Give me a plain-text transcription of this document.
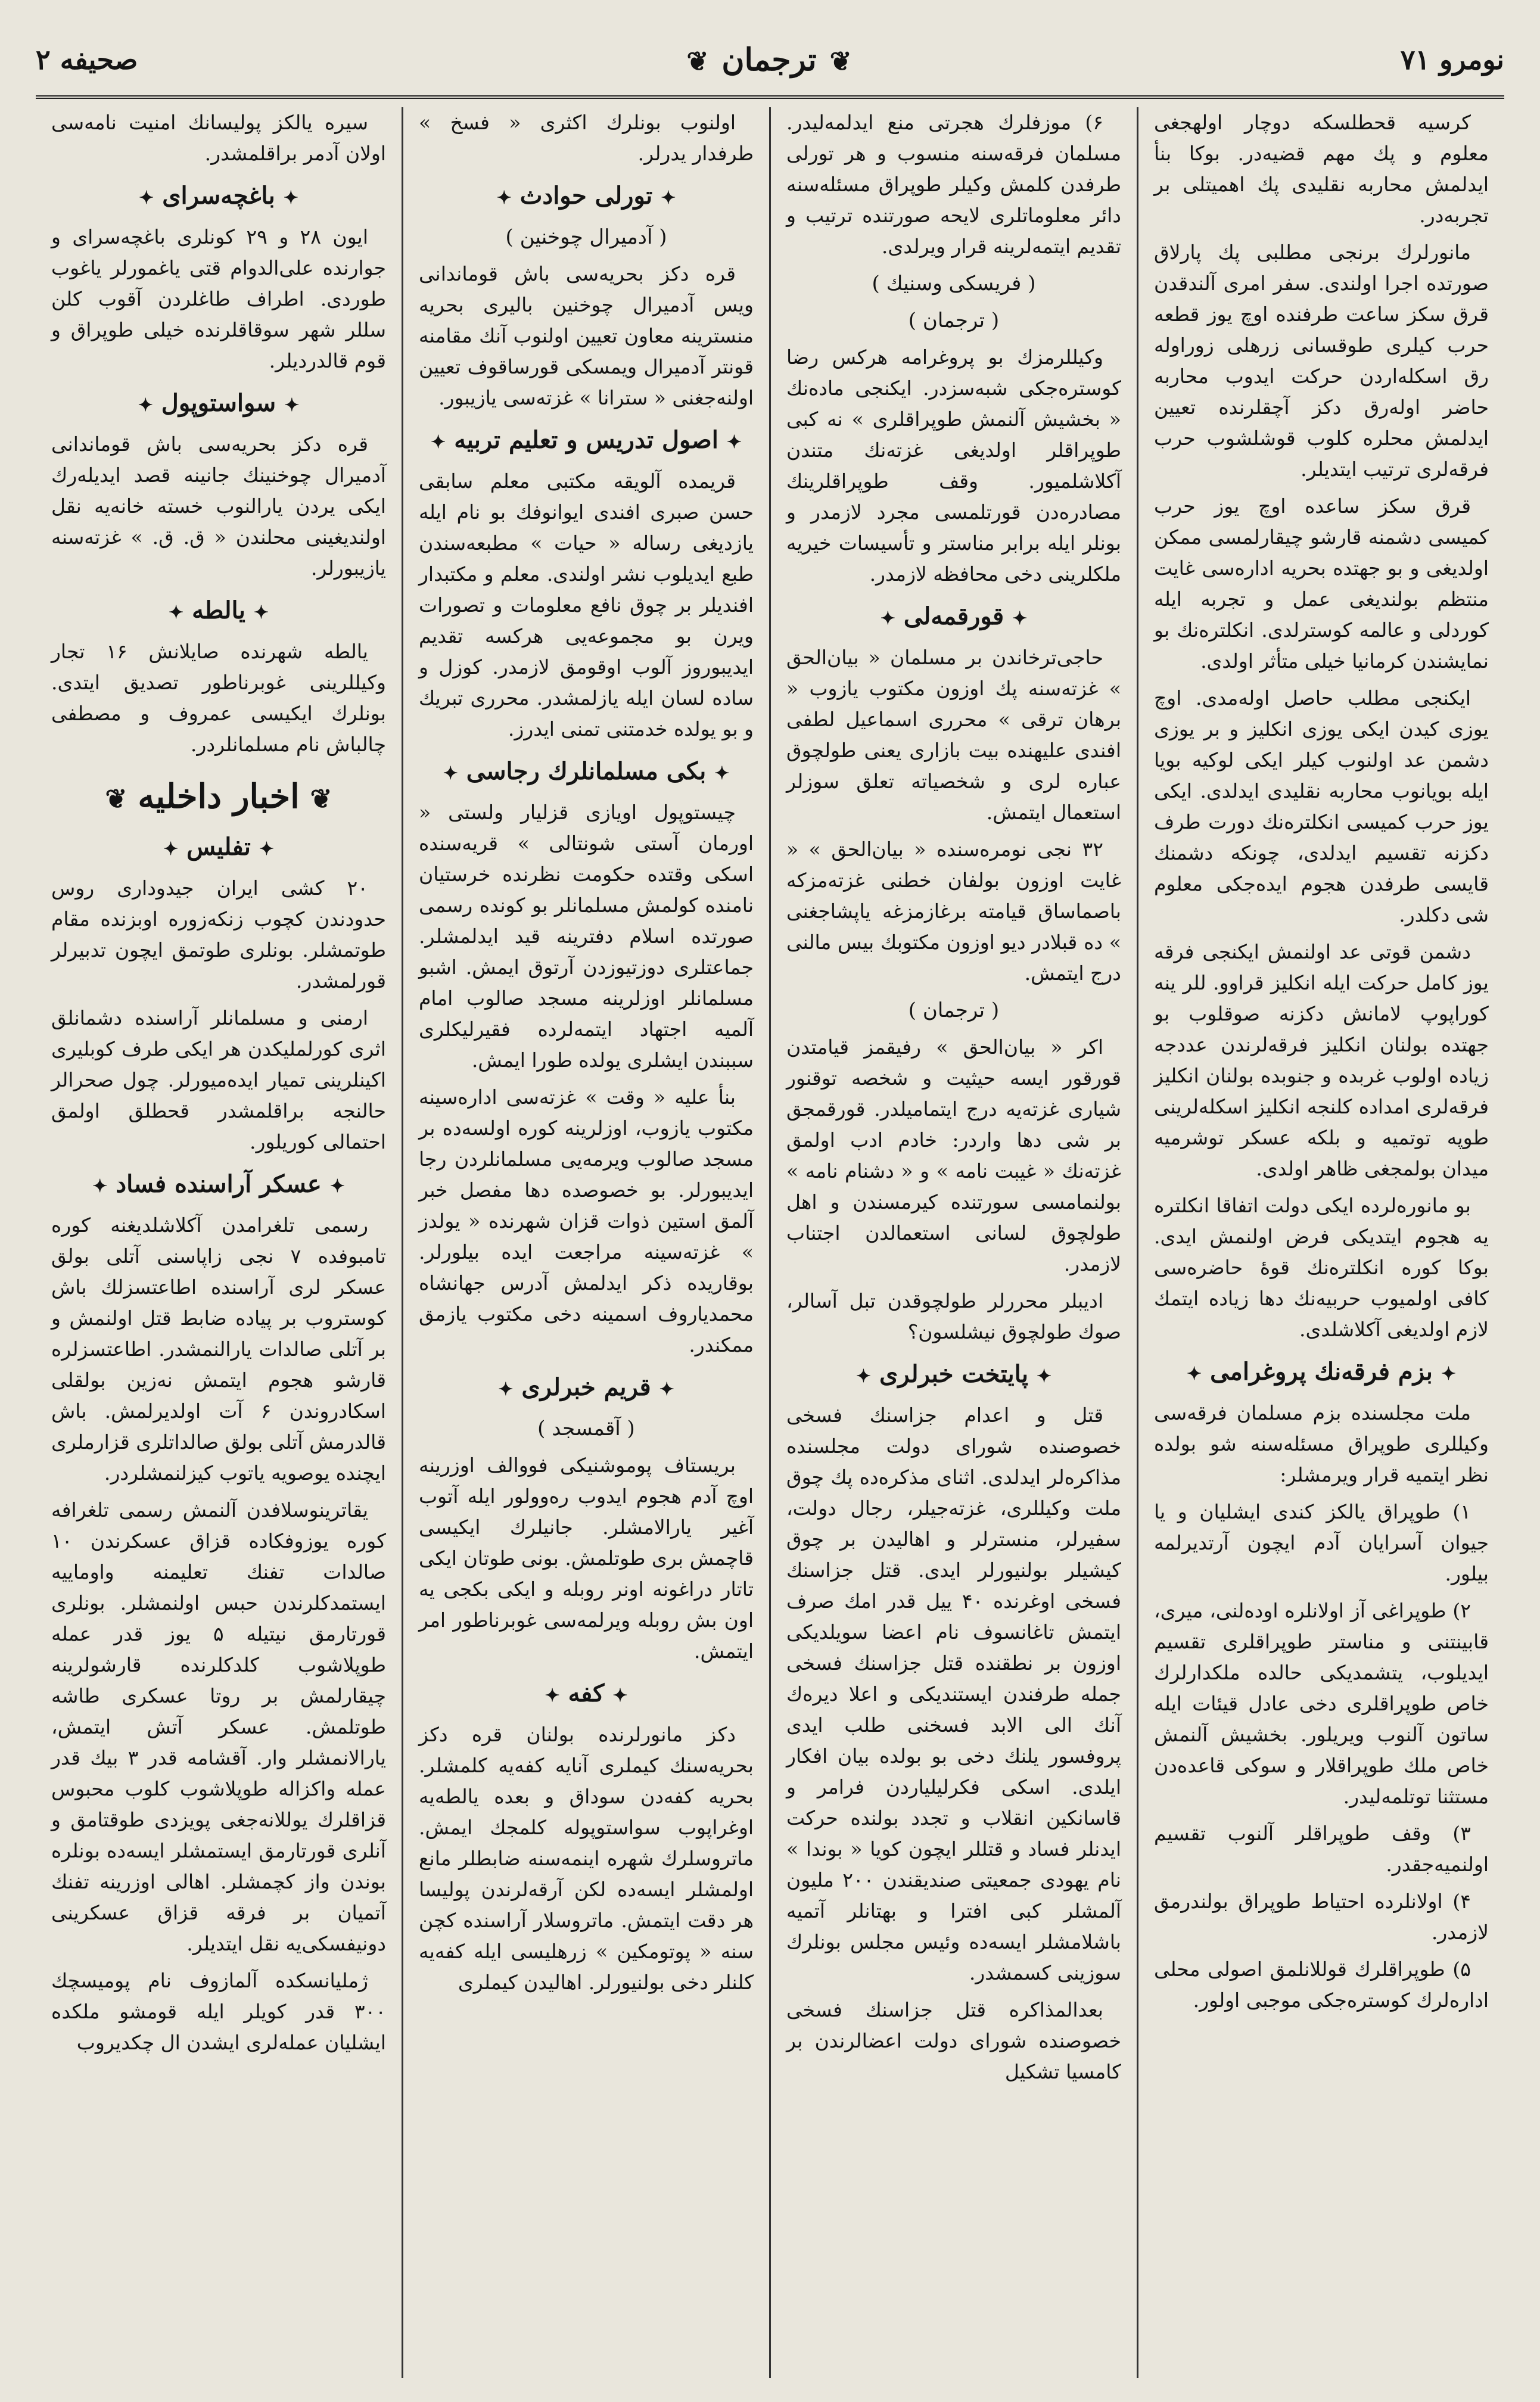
نومرو ۷۱
❦ ترجمان ❦
صحیفه ۲

کرسیه قحطلسکه دوچار اولهجغی معلوم و پك مهم قضیه‌در. بوکا بنأ ایدلمش محاربه نقلیدی پك اهمیتلی بر تجربه‌در.

مانورلرك برنجی مطلبی پك پارلاق صورتده اجرا اولندی. سفر امری آلندقدن قرق سکز ساعت طرفنده اوچ یوز قطعه حرب کیلری طوقسانی زرهلی زوراوله رق اسکله‌اردن حرکت ایدوب محاربه حاضر اولەرق دکز آچقلرنده تعیین ایدلمش محلره کلوب قوشلشوب حرب فرقه‌لری ترتیب ایتدیلر.

قرق سکز ساعده اوچ یوز حرب کمیسی دشمنه قارشو چیقارلمسی ممکن اولدیغی و بو جهتده بحریه ادارەسی غایت منتظم بولندیغی عمل و تجربه ایله کوردلی و عالمه کوسترلدی. انکلترەنك بو نمایشندن کرمانیا خیلی متأثر اولدی.

ایکنجی مطلب حاصل اولەمدی. اوچ یوزی کیدن ایکی یوزی انکلیز و بر یوزی دشمن عد اولنوب کیلر ایکی لوکیه بویا ایله بویانوب محاربه نقلیدی ایدلدی. ایکی یوز حرب کمیسی انکلترەنك دورت طرف دکزنه تقسیم ایدلدی، چونکه دشمنك قایسی طرفدن هجوم ایدەجکی معلوم شی دکلدر.

دشمن قوتی عد اولنمش ایکنجی فرقه یوز کامل حرکت ایله انکلیز قراوو. للر ینه کوراپوپ لامانش دکزنه صوقلوب بو جهتده بولنان انکلیز فرقه‌لرندن عددجه زیاده اولوب غربده و جنوبده بولنان انکلیز فرقه‌لری امداده کلنجه انکلیز اسکله‌لرینی طوپه توتمیه و بلکه عسکر توشرمیه میدان بولمجغی ظاهر اولدی.

بو مانورەلرده ایکی دولت اتفاقا انکلتره یه هجوم ایتدیکی فرض اولنمش ایدی. بوکا کوره انکلترەنك قوۀ حاضرەسی کافی اولمیوب حربیەنك دها زیاده ایتمك لازم اولدیغی آکلاشلدی.

✦ بزم فرقه‌نك پروغرامی ✦

ملت مجلسنده بزم مسلمان فرقەسی وکیللری طوپراق مسئله‌سنه شو بولده نظر ایتمیه قرار ویرمشلر:

۱) طوپراق یالکز کندی ایشلیان و یا جیوان آسرایان آدم ایچون آرتدیرلمه بیلور.

۲) طوپراغی آز اولانلره اودەلنی، میری، قابینتنی و مناستر طوپراقلری تقسیم ایدیلوب، یتشمدیکی حالده ملکدارلرك خاص طوپراقلری دخی عادل قیئات ایله ساتون آلنوب ویریلور. بخشیش آلنمش خاص ملك طوپراقلار و سوکی قاعدەدن مستثنا توتلمه‌لیدر.

۳) وقف طوپراقلر آلنوب تقسیم اولنمیه‌جقدر.

۴) اولانلرده احتیاط طوپراق بولندرمق لازمدر.

۵) طوپراقلرك قوللانلمق اصولی محلی ادارەلرك کوسترەجکی موجبی اولور.

۶) موزفلرك هجرتی منع ایدلمه‌لیدر. مسلمان فرقەسنه منسوب و هر تورلی طرفدن کلمش وکیلر طوپراق مسئله‌سنه دائر معلوماتلری لایحه صورتنده ترتیب و تقدیم ایتمه‌لرینه قرار ویرلدی.

( فریسکی وسنیك )
( ترجمان )

وکیللرمزك بو پروغرامه هرکس رضا کوسترەجکی شبه‌سزدر. ایکنجی مادەنك « بخشیش آلنمش طوپراقلری » نه کبی طوپراقلر اولدیغی غزته‌نك متندن آکلاشلمیور. وقف طوپراقلرینك مصادرەدن قورتلمسی مجرد لازمدر و بونلر ایله برابر مناستر و تأسیسات خیریه ملکلرینی دخی محافظه لازمدر.

✦ قورقمه‌لی ✦

حاجی‌ترخاندن بر مسلمان « بیان‌الحق » غزته‌سنه پك اوزون مکتوب یازوب « برهان ترقی » محرری اسماعیل لطفی افندی علیهنده بیت بازاری یعنی طولچوق عباره لری و شخصیاته تعلق سوزلر استعمال ایتمش.

۳۲ نجی نومرەسنده « بیان‌الحق » « غایت اوزون بولفان خطنی غزته‌مزکه باصماساق قیامته برغازمزغه یاپشاجغنی » ده قبلادر دیو اوزون مکتوبك بیس مالنی درج ایتمش.

( ترجمان )

اکر « بیان‌الحق » رفیقمز قیامتدن قورقور ایسه حیثیت و شخصه توقنور شیاری غزته‌یه درج ایتمامیلدر. قورقمجق بر شی دها واردر: خادم ادب اولمق غزته‌نك « غیبت نامه » و « دشنام نامه » بولنمامسی سورتنده کیرمسندن و اهل طولچوق لسانی استعمالدن اجتناب لازمدر.

ادیبلر محررلر طولچوقدن تبل آسالر، صوك طولچوق نیشلسون؟

✦ پایتخت خبرلری ✦

قتل و اعدام جزاسنك فسخی خصوصنده شورای دولت مجلسنده مذاکره‌لر ایدلدی. اثنای مذکره‌ده پك چوق ملت وکیللری، غزته‌جیلر، رجال دولت، سفیرلر، منسترلر و اهالیدن بر چوق کیشیلر بولنیورلر ایدی. قتل جزاسنك فسخی اوغرنده ۴۰ ییل قدر امك صرف ایتمش تاغانسوف نام اعضا سویلدیکی اوزون بر نطقنده قتل جزاسنك فسخی جمله طرفندن ایستندیکی و اعلا دیرەك آنك الی الابد فسخنی طلب ایدی پروفسور یلنك دخی بو بولده بیان افکار ایلدی. اسکی فکرلیلیاردن فرامر و قاسانکین انقلاب و تجدد بولنده حرکت ایدنلر فساد و قتللر ایچون کویا « بوندا » نام یهودی جمعیتی صندیقندن ۲۰۰ ملیون آلمشلر کبی افترا و بهتانلر آتمیه باشلامشلر ایسه‌ده وئیس مجلس بونلرك سوزینی کسمشدر.

بعدالمذاکره قتل جزاسنك فسخی خصوصنده شورای دولت اعضالرندن بر کامسیا تشکیل

اولنوب بونلرك اکثری « فسخ » طرفدار یدرلر.

✦ تورلی حوادث ✦
( آدمیرال چوخنین )

قره دکز بحریه‌سی باش قوماندانی ویس آدمیرال چوخنین بالیری بحریه منسترینه معاون تعیین اولنوب آنك مقامنه قونتر آدمیرال ویمسکی قورساقوف تعیین اولنه‌جغنی « سترانا » غزته‌سی یازیبور.

✦ اصول تدریس و تعلیم تربیه ✦

قریمده آلویقه مکتبی معلم سابقی حسن صبری افندی ایوانوفك بو نام ایله یازدیغی رساله « حیات » مطبعه‌سندن طبع ایدیلوب نشر اولندی. معلم و مکتبدار افندیلر بر چوق نافع معلومات و تصورات ویرن بو مجموعه‌یی هرکسه تقدیم ایدیبوروز آلوب اوقومق لازمدر. کوزل و ساده لسان ایله یازلمشدر. محرری تبریك و بو یولده خدمتنی تمنی ایدرز.

✦ بکی مسلمانلرك رجاسی ✦

چیستوپول اویازی قزلیار ولستی « اورمان آستی شونتالی » قریه‌سنده اسکی وقتده حکومت نظرنده خرستیان نامنده کولمش مسلمانلر بو کونده رسمی صورتده اسلام دفترینه قید ایدلمشلر. جماعتلری دوزتیوزدن آرتوق ایمش. اشبو مسلمانلر اوزلرینه مسجد صالوب امام آلمیه اجتهاد ایتمه‌لرده فقیرلیکلری سببندن ایشلری یولده طورا ایمش.

بنأ علیه « وقت » غزته‌سی ادارەسینه مکتوب یازوب، اوزلرینه کوره اولسه‌ده بر مسجد صالوب ویرمه‌یی مسلمانلردن رجا ایدیبورلر. بو خصوصده دها مفصل خبر آلمق استین ذوات قزان شهرنده « یولدز » غزته‌سینه مراجعت ایده بیلورلر. بوقاریده ذکر ایدلمش آدرس جهانشاه محمدیاروف اسمینه دخی مکتوب یازمق ممکندر.

✦ قریم خبرلری ✦
( آقمسجد )

بریستاف پوموشنیکی فووالف اوزرینه اوچ آدم هجوم ایدوب رەوولور ایله آتوب آغیر یارالامشلر. جانیلرك ایکیسی قاچمش بری طوتلمش. بونی طوتان ایکی تاتار دراغونه اونر روبله و ایکی بکجی یه اون بش روبله ویرلمه‌سی غوبرناطور امر ایتمش.

✦ کفه ✦

دکز مانورلرنده بولنان قره دکز بحریه‌سنك کیملری آنا‌یه کفه‌یه کلمشلر. بحریه کفەدن سوداق و بعده یالطه‌یه اوغراپوب سواستوپوله کلمجك ایمش. ماتروسلرك شهره اینمه‌سنه ضابطلر مانع اولمشلر ایسه‌ده لکن آرقەلرندن پولیسا هر دقت ایتمش. ماتروسلار آراسنده کچن سنه « پوتومکین » زرهلیسی ایله کفه‌یه کلنلر دخی بولنیورلر. اهالیدن کیملری

سیره یالکز پولیسانك امنیت نامه‌سی اولان آدمر براقلمشدر.

✦ باغچه‌سرای ✦

ایون ۲۸ و ۲۹ کونلری باغچه‌سرای و جوارنده علی‌الدوام قتی یاغمورلر یاغوب طوردی. اطراف طاغلردن آقوب کلن سللر شهر سوقاقلرنده خیلی طوپراق و قوم قالدردیلر.

✦ سواستوپول ✦

قره دکز بحریه‌سی باش قوماندانی آدمیرال چوخنینك جانینه قصد ایدیلەرك ایکی یردن یارالنوب خسته خانه‌یه نقل اولندیغینی محلندن « ق. ق. » غزته‌سنه یازیبورلر.

✦ یالطه ✦

یالطه شهرنده صایلانش ۱۶ تجار وکیللرینی غوبرناطور تصدیق ایتدی. بونلرك ایکیسی عمروف و مصطفی چالباش نام مسلمانلردر.

❦ اخبار داخلیه ❦
✦ تفلیس ✦

۲۰ کشی ایران جیدوداری روس حدودندن کچوب زنکه‌زوره اوبزنده مقام طوتمشلر. بونلری طوتمق ایچون تدبیرلر قورلمشدر.

ارمنی و مسلمانلر آراسنده دشمانلق اثری کورلملیکدن هر ایکی طرف کوبلیری اکینلرینی تمیار ایده‌میورلر. چول صحرالر حالنجه براقلمشدر قحطلق اولمق احتمالی کوریلور.

✦ عسکر آراسنده فساد ✦

رسمی تلغرامدن آکلاشلدیغنه کوره تامبوفده ۷ نجی زاپاسنی آتلی بولق عسکر لری آراسنده اطاعتسزلك باش کوستروب بر پیاده ضابط قتل اولنمش و بر آتلی صالدات یارالنمشدر. اطاعتسزلره قارشو هجوم ایتمش نەزین بولقلی اسکادروندن ۶ آت اولدیرلمش. باش قالدرمش آتلی بولق صالداتلری قزارملری ایچنده یوصویه یاتوب کیزلنمشلردر.

یقاترینوسلافدن آلنمش رسمی تلغرافه کوره یوزوفکاده قزاق عسکرندن ۱۰ صالدات تفنك تعلیمنه واوماییه ایستمدکلرندن حبس اولنمشلر. بونلری قورتارمق نیتیله ۵ یوز قدر عمله طوپلاشوب کلدکلرنده قارشولرینه چیقارلمش بر روتا عسکری طاشه طوتلمش. عسکر آتش ایتمش، یارالانمشلر وار. آقشامه قدر ۳ بیك قدر عمله واکزاله طوپلاشوب کلوب محبوس قزاقلرك یوللانه‌جغی پویزدی طوقتامق و آنلری قورتارمق ایستمشلر ایسه‌ده بونلره بوندن واز کچمشلر. اهالی اوزرینه تفنك آتمیان بر فرقه قزاق عسکرینی دونیفسکی‌یه نقل ایتدیلر.

ژملیانسکده آلمازوف نام پومیسچك ۳۰۰ قدر کویلر ایله قومشو ملکده ایشلیان عملەلری ایشدن ال چکدیروب
